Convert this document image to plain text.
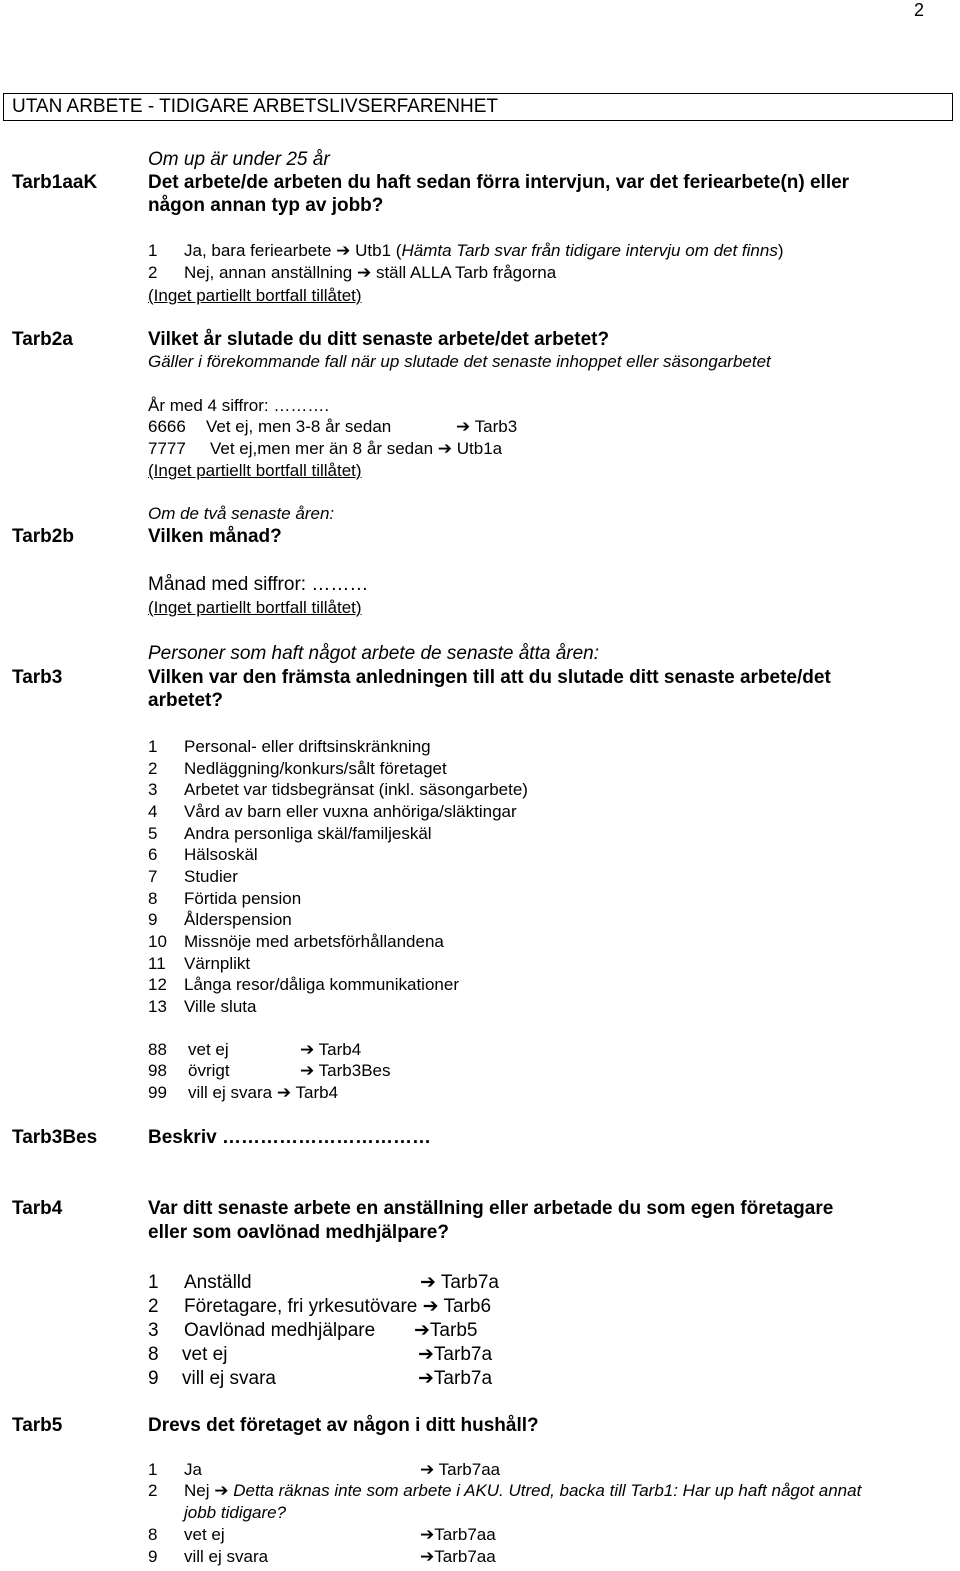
2
UTAN ARBETE - TIDIGARE ARBETSLIVSERFARENHET
Tarb1aaK
Om up är under 25 år
Det arbete/de arbeten du haft sedan förra intervjun, var det feriearbete(n) eller
någon annan typ av jobb?
1 Ja, bara feriearbete ➔ Utb1 (Hämta Tarb svar från tidigare intervju om det finns)
2 Nej, annan anställning ➔ ställ ALLA Tarb frågorna
(Inget partiellt bortfall tillåtet)
Tarb2a	Vilket år slutade du ditt senaste arbete/det arbetet?
Gäller i förekommande fall när up slutade det senaste inhoppet eller säsongarbetet
År med 4 siffror: ……….
6666 Vet ej, men 3-8 år sedan	➔ Tarb3
7777 Vet ej,men mer än 8 år sedan ➔ Utb1a
(Inget partiellt bortfall tillåtet)
Om de två senaste åren:
Tarb2b	Vilken månad?
Månad med siffror: ………
(Inget partiellt bortfall tillåtet)
Personer som haft något arbete de senaste åtta åren:
Tarb3	Vilken var den främsta anledningen till att du slutade ditt senaste arbete/det
arbetet?
1 Personal- eller driftsinskränkning
2 Nedläggning/konkurs/sålt företaget
3 Arbetet var tidsbegränsat (inkl. säsongarbete)
4 Vård av barn eller vuxna anhöriga/släktingar
5 Andra personliga skäl/familjeskäl
6 Hälsoskäl
7 Studier
8 Förtida pension
9 Ålderspension
10 Missnöje med arbetsförhållandena
11 Värnplikt
12 Långa resor/dåliga kommunikationer
13 Ville sluta
88 vet ej	➔ Tarb4
98 övrigt	➔ Tarb3Bes
99 vill ej svara ➔ Tarb4
Tarb3Bes	Beskriv ……………………………
Tarb4	Var ditt senaste arbete en anställning eller arbetade du som egen företagare
eller som oavlönad medhjälpare?
1 Anställd	➔ Tarb7a
2 Företagare, fri yrkesutövare ➔ Tarb6
3 Oavlönad medhjälpare ➔Tarb5
8 vet ej	➔Tarb7a
9 vill ej svara	➔Tarb7a
Tarb5	Drevs det företaget av någon i ditt hushåll?
1 Ja	➔ Tarb7aa
2 Nej ➔ Detta räknas inte som arbete i AKU. Utred, backa till Tarb1: Har up haft något annat
jobb tidigare?
8 vet ej	➔Tarb7aa
9 vill ej svara	➔Tarb7aa
